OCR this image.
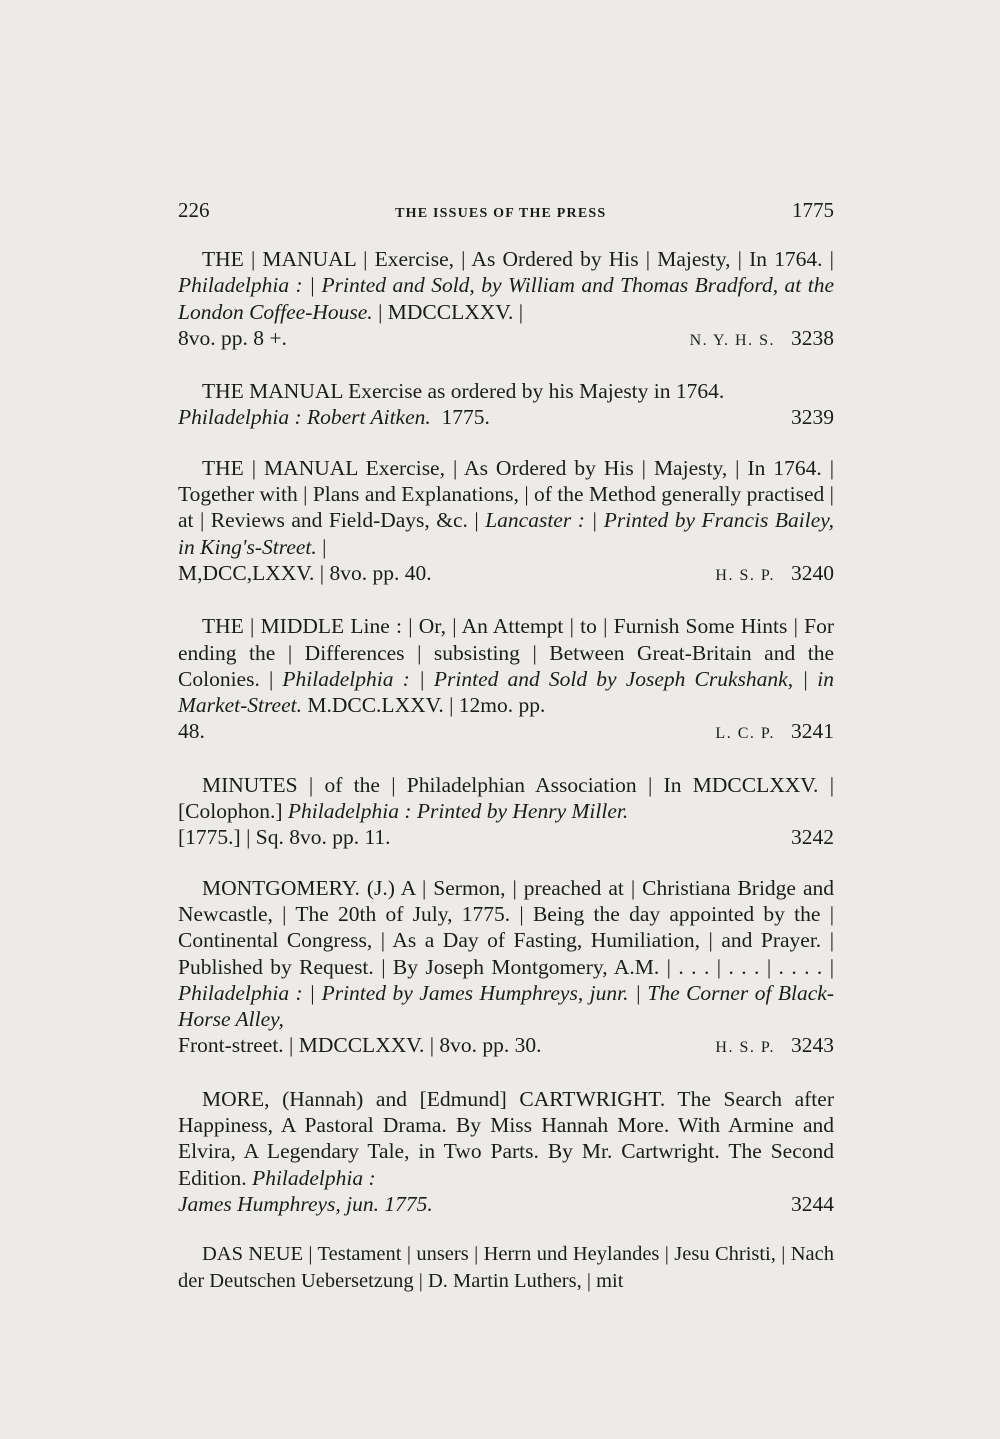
226	THE ISSUES OF THE PRESS	1775

THE | MANUAL | Exercise, | As Ordered by His | Majesty, | In 1764. | Philadelphia : | Printed and Sold, by William and Thomas Bradford, at the London Coffee-House. | MDCCLXXV. |

8vo. pp. 8 +.	N. Y. H. S. 3238

THE MANUAL Exercise as ordered by his Majesty in 1764.

Philadelphia : Robert Aitken. 1775.	3239

THE | MANUAL Exercise, | As Ordered by His | Majesty, | In 1764. | Together with | Plans and Explanations, | of the Method generally practised | at | Reviews and Field-Days, &c. | Lancaster : | Printed by Francis Bailey, in King's-Street. |

M,DCC,LXXV. | 8vo. pp. 40.	H. S. P. 3240

THE | MIDDLE Line : | Or, | An Attempt | to | Furnish Some Hints | For ending the | Differences | subsisting | Between Great-Britain and the Colonies. | Philadelphia : | Printed and Sold by Joseph Crukshank, | in Market-Street. M.DCC.LXXV. | 12mo. pp.

48.	L. C. P. 3241

MINUTES | of the | Philadelphian Association | In MDCCLXXV. | [Colophon.] Philadelphia : Printed by Henry Miller.

[1775.] | Sq. 8vo. pp. 11.	3242

MONTGOMERY. (J.) A | Sermon, | preached at | Christiana Bridge and Newcastle, | The 20th of July, 1775. | Being the day appointed by the | Continental Congress, | As a Day of Fasting, Humiliation, | and Prayer. | Published by Request. | By Joseph Montgomery, A.M. | . . . | . . . | . . . . | Philadelphia : | Printed by James Humphreys, junr. | The Corner of Black-Horse Alley,

Front-street. | MDCCLXXV. | 8vo. pp. 30.	H. S. P. 3243

MORE, (Hannah) and [Edmund] CARTWRIGHT. The Search after Happiness, A Pastoral Drama. By Miss Hannah More. With Armine and Elvira, A Legendary Tale, in Two Parts. By Mr. Cartwright. The Second Edition. Philadelphia :

James Humphreys, jun. 1775.	3244

DAS NEUE | Testament | unsers | Herrn und Heylandes | Jesu Christi, | Nach der Deutschen Uebersetzung | D. Martin Luthers, | mit
